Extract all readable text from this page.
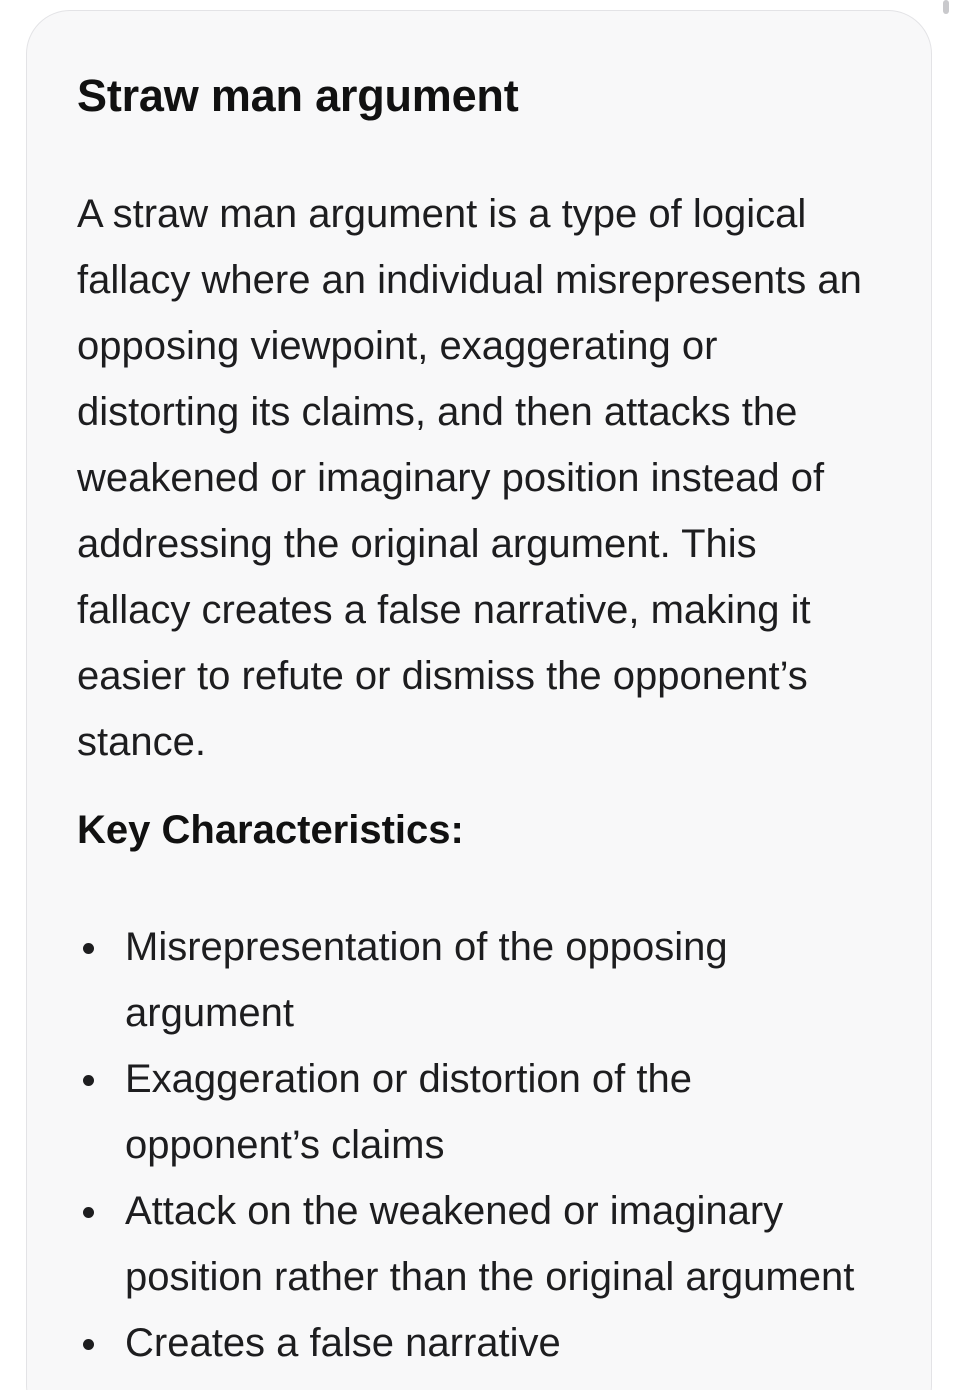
Straw man argument

A straw man argument is a type of logical fallacy where an individual misrepresents an opposing viewpoint, exaggerating or distorting its claims, and then attacks the weakened or imaginary position instead of addressing the original argument. This fallacy creates a false narrative, making it easier to refute or dismiss the opponent’s stance.

Key Characteristics:
Misrepresentation of the opposing argument
Exaggeration or distortion of the opponent’s claims
Attack on the weakened or imaginary position rather than the original argument
Creates a false narrative
